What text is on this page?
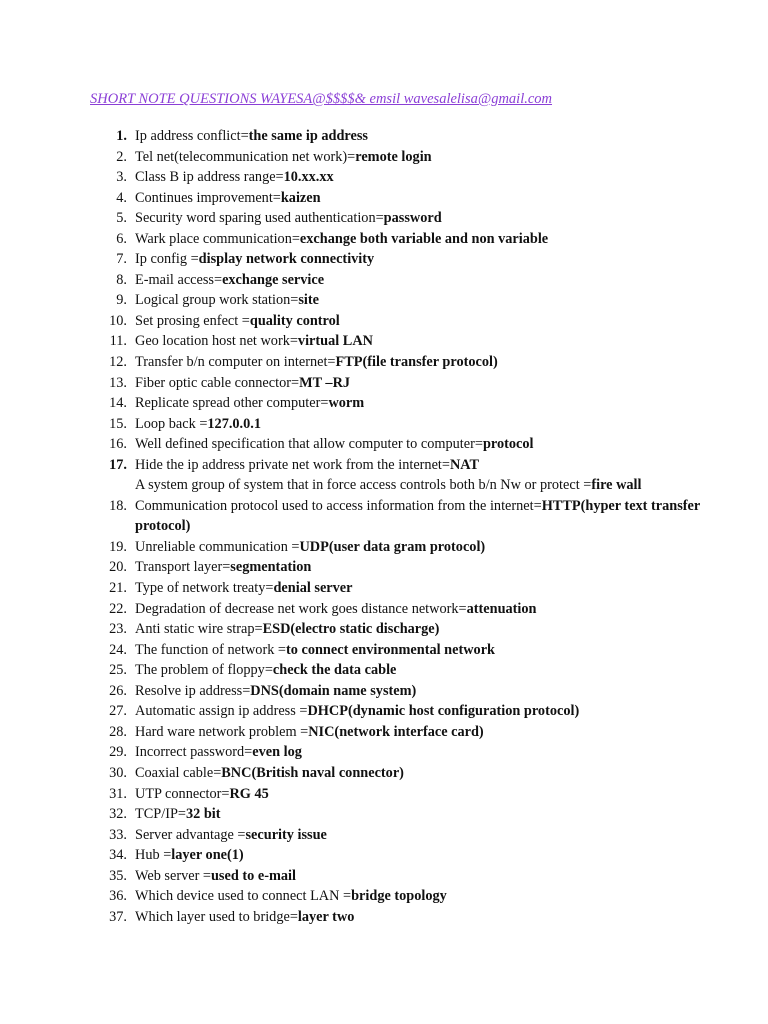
SHORT NOTE QUESTIONS WAYESA@$$$$& emsil wavesalelisa@gmail.com
1. Ip address conflict=the same ip address
2. Tel net(telecommunication net work)=remote login
3. Class B ip address range=10.xx.xx
4. Continues improvement=kaizen
5. Security word sparing used authentication=password
6. Wark place communication=exchange both variable and non variable
7. Ip config =display network connectivity
8. E-mail access=exchange service
9. Logical group work station=site
10. Set prosing enfect =quality control
11. Geo location host net work=virtual LAN
12. Transfer b/n computer on internet=FTP(file transfer protocol)
13. Fiber optic cable connector=MT –RJ
14. Replicate spread other computer=worm
15. Loop back =127.0.0.1
16. Well defined specification that allow computer to computer=protocol
17. Hide the ip address private net work from the internet=NAT
A system group of system that in force access controls both b/n Nw or protect =fire wall
18. Communication protocol used to access information from the internet=HTTP(hyper text transfer protocol)
19. Unreliable communication =UDP(user data gram protocol)
20. Transport layer=segmentation
21. Type of network treaty=denial server
22. Degradation of decrease net work goes distance network=attenuation
23. Anti static wire strap=ESD(electro static discharge)
24. The function of network =to connect environmental network
25. The problem of floppy=check the data cable
26. Resolve ip address=DNS(domain name system)
27. Automatic assign ip address =DHCP(dynamic host configuration protocol)
28. Hard ware network problem =NIC(network interface card)
29. Incorrect password=even log
30. Coaxial cable=BNC(British naval connector)
31. UTP connector=RG 45
32. TCP/IP=32 bit
33. Server advantage =security issue
34. Hub =layer one(1)
35. Web server =used to e-mail
36. Which device used to connect LAN =bridge topology
37. Which layer used to bridge=layer two
